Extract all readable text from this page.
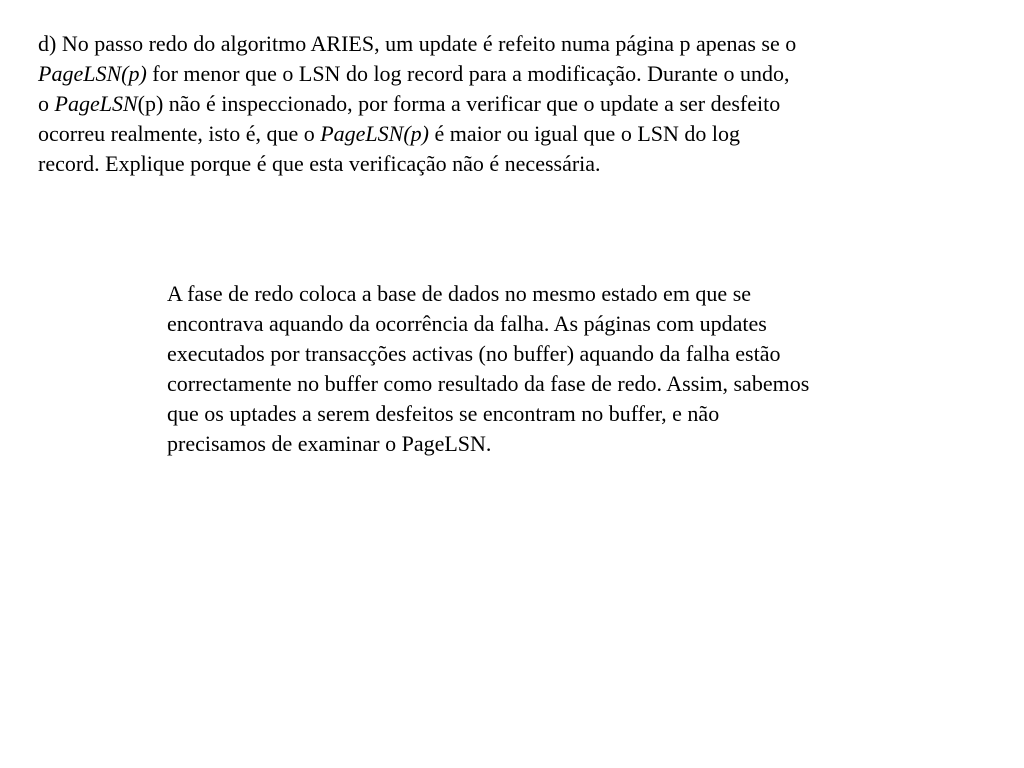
d) No passo redo do algoritmo ARIES, um update é refeito numa página p apenas se o
PageLSN(p) for menor que o LSN do log record para a modificação. Durante o undo,
o PageLSN(p) não é inspeccionado, por forma a verificar que o update a ser desfeito
ocorreu realmente, isto é, que o PageLSN(p) é maior ou igual que o LSN do log
record. Explique porque é que esta verificação não é necessária.
A fase de redo coloca a base de dados no mesmo estado em que se
encontrava aquando da ocorrência da falha. As páginas com updates
executados por transacções activas (no buffer) aquando da falha estão
correctamente no buffer como resultado da fase de redo. Assim, sabemos
que os uptades a serem desfeitos se encontram no buffer, e não
precisamos de examinar o PageLSN.
